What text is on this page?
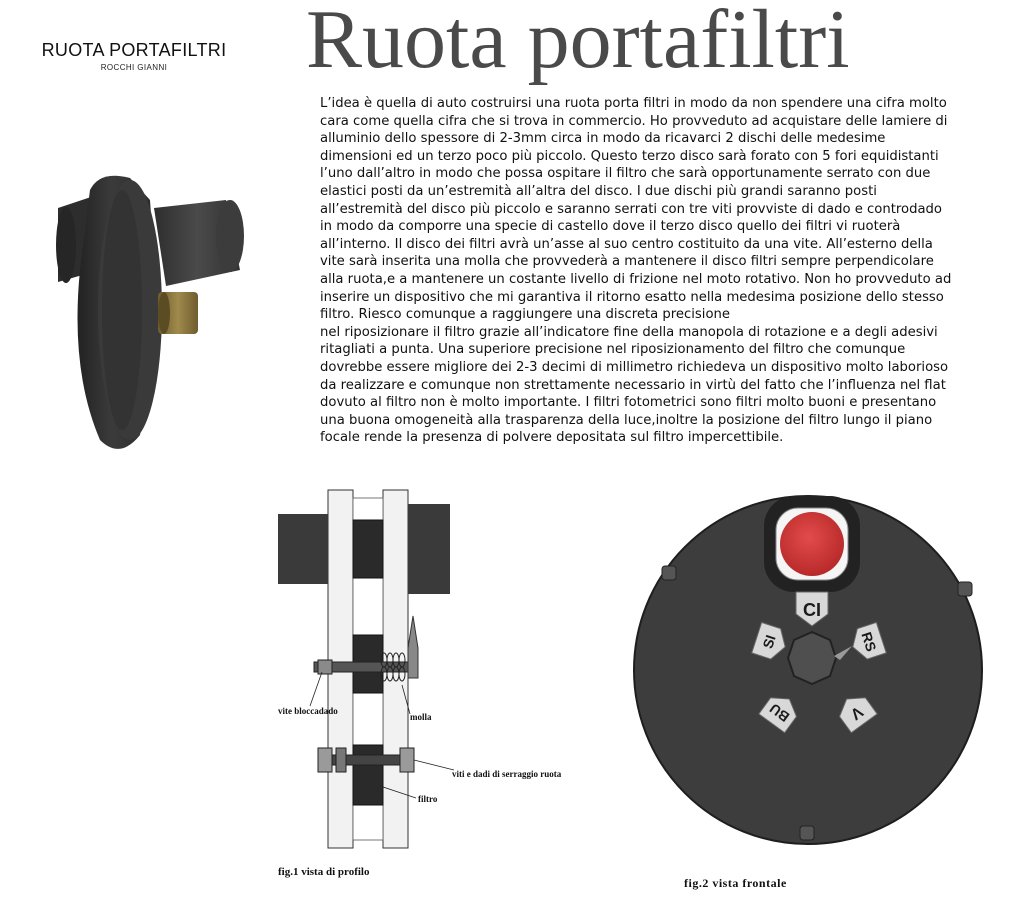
RUOTA PORTAFILTRI
ROCCHI GIANNI	Ruota portafiltri

L’idea è quella di auto costruirsi una ruota porta filtri in modo da non spendere una cifra molto

cara come quella cifra che si trova in commercio. Ho provveduto ad acquistare delle lamiere di

alluminio dello spessore di 2-3mm circa in modo da ricavarci 2 dischi delle medesime

dimensioni ed un terzo poco più piccolo. Questo terzo disco sarà forato con 5 fori equidistanti

l’uno dall’altro in modo che possa ospitare il filtro che sarà opportunamente serrato con due

elastici posti da un’estremità all’altra del disco. I due dischi più grandi saranno posti

all’estremità del disco più piccolo e saranno serrati con tre viti provviste di dado e controdado

in modo da comporre una specie di castello dove il terzo disco quello dei filtri vi ruoterà

all’interno. Il disco dei filtri avrà un’asse al suo centro costituito da una vite. All’esterno della

vite sarà inserita una molla che provvederà a mantenere il disco filtri sempre perpendicolare

alla ruota,e a mantenere un costante livello di frizione nel moto rotativo. Non ho provveduto ad

inserire un dispositivo che mi garantiva il ritorno esatto nella medesima posizione dello stesso

filtro. Riesco comunque a raggiungere una discreta precisione

nel riposizionare il filtro grazie all’indicatore fine della manopola di rotazione e a degli adesivi

ritagliati a punta. Una superiore precisione nel riposizionamento del filtro che comunque

dovrebbe essere migliore dei 2-3 decimi di millimetro richiedeva un dispositivo molto laborioso

da realizzare e comunque non strettamente necessario in virtù del fatto che l’influenza nel flat

dovuto al filtro non è molto importante. I filtri fotometrici sono filtri molto buoni e presentano

una buona omogeneità alla trasparenza della luce,inoltre la posizione del filtro lungo il piano

focale rende la presenza di polvere depositata sul filtro impercettibile.

vite bloccadado
molla
viti e dadi di serraggio ruota
filtro
fig.1 vista di profilo
CI
SI	RS
BU	V
fig.2 vista frontale
